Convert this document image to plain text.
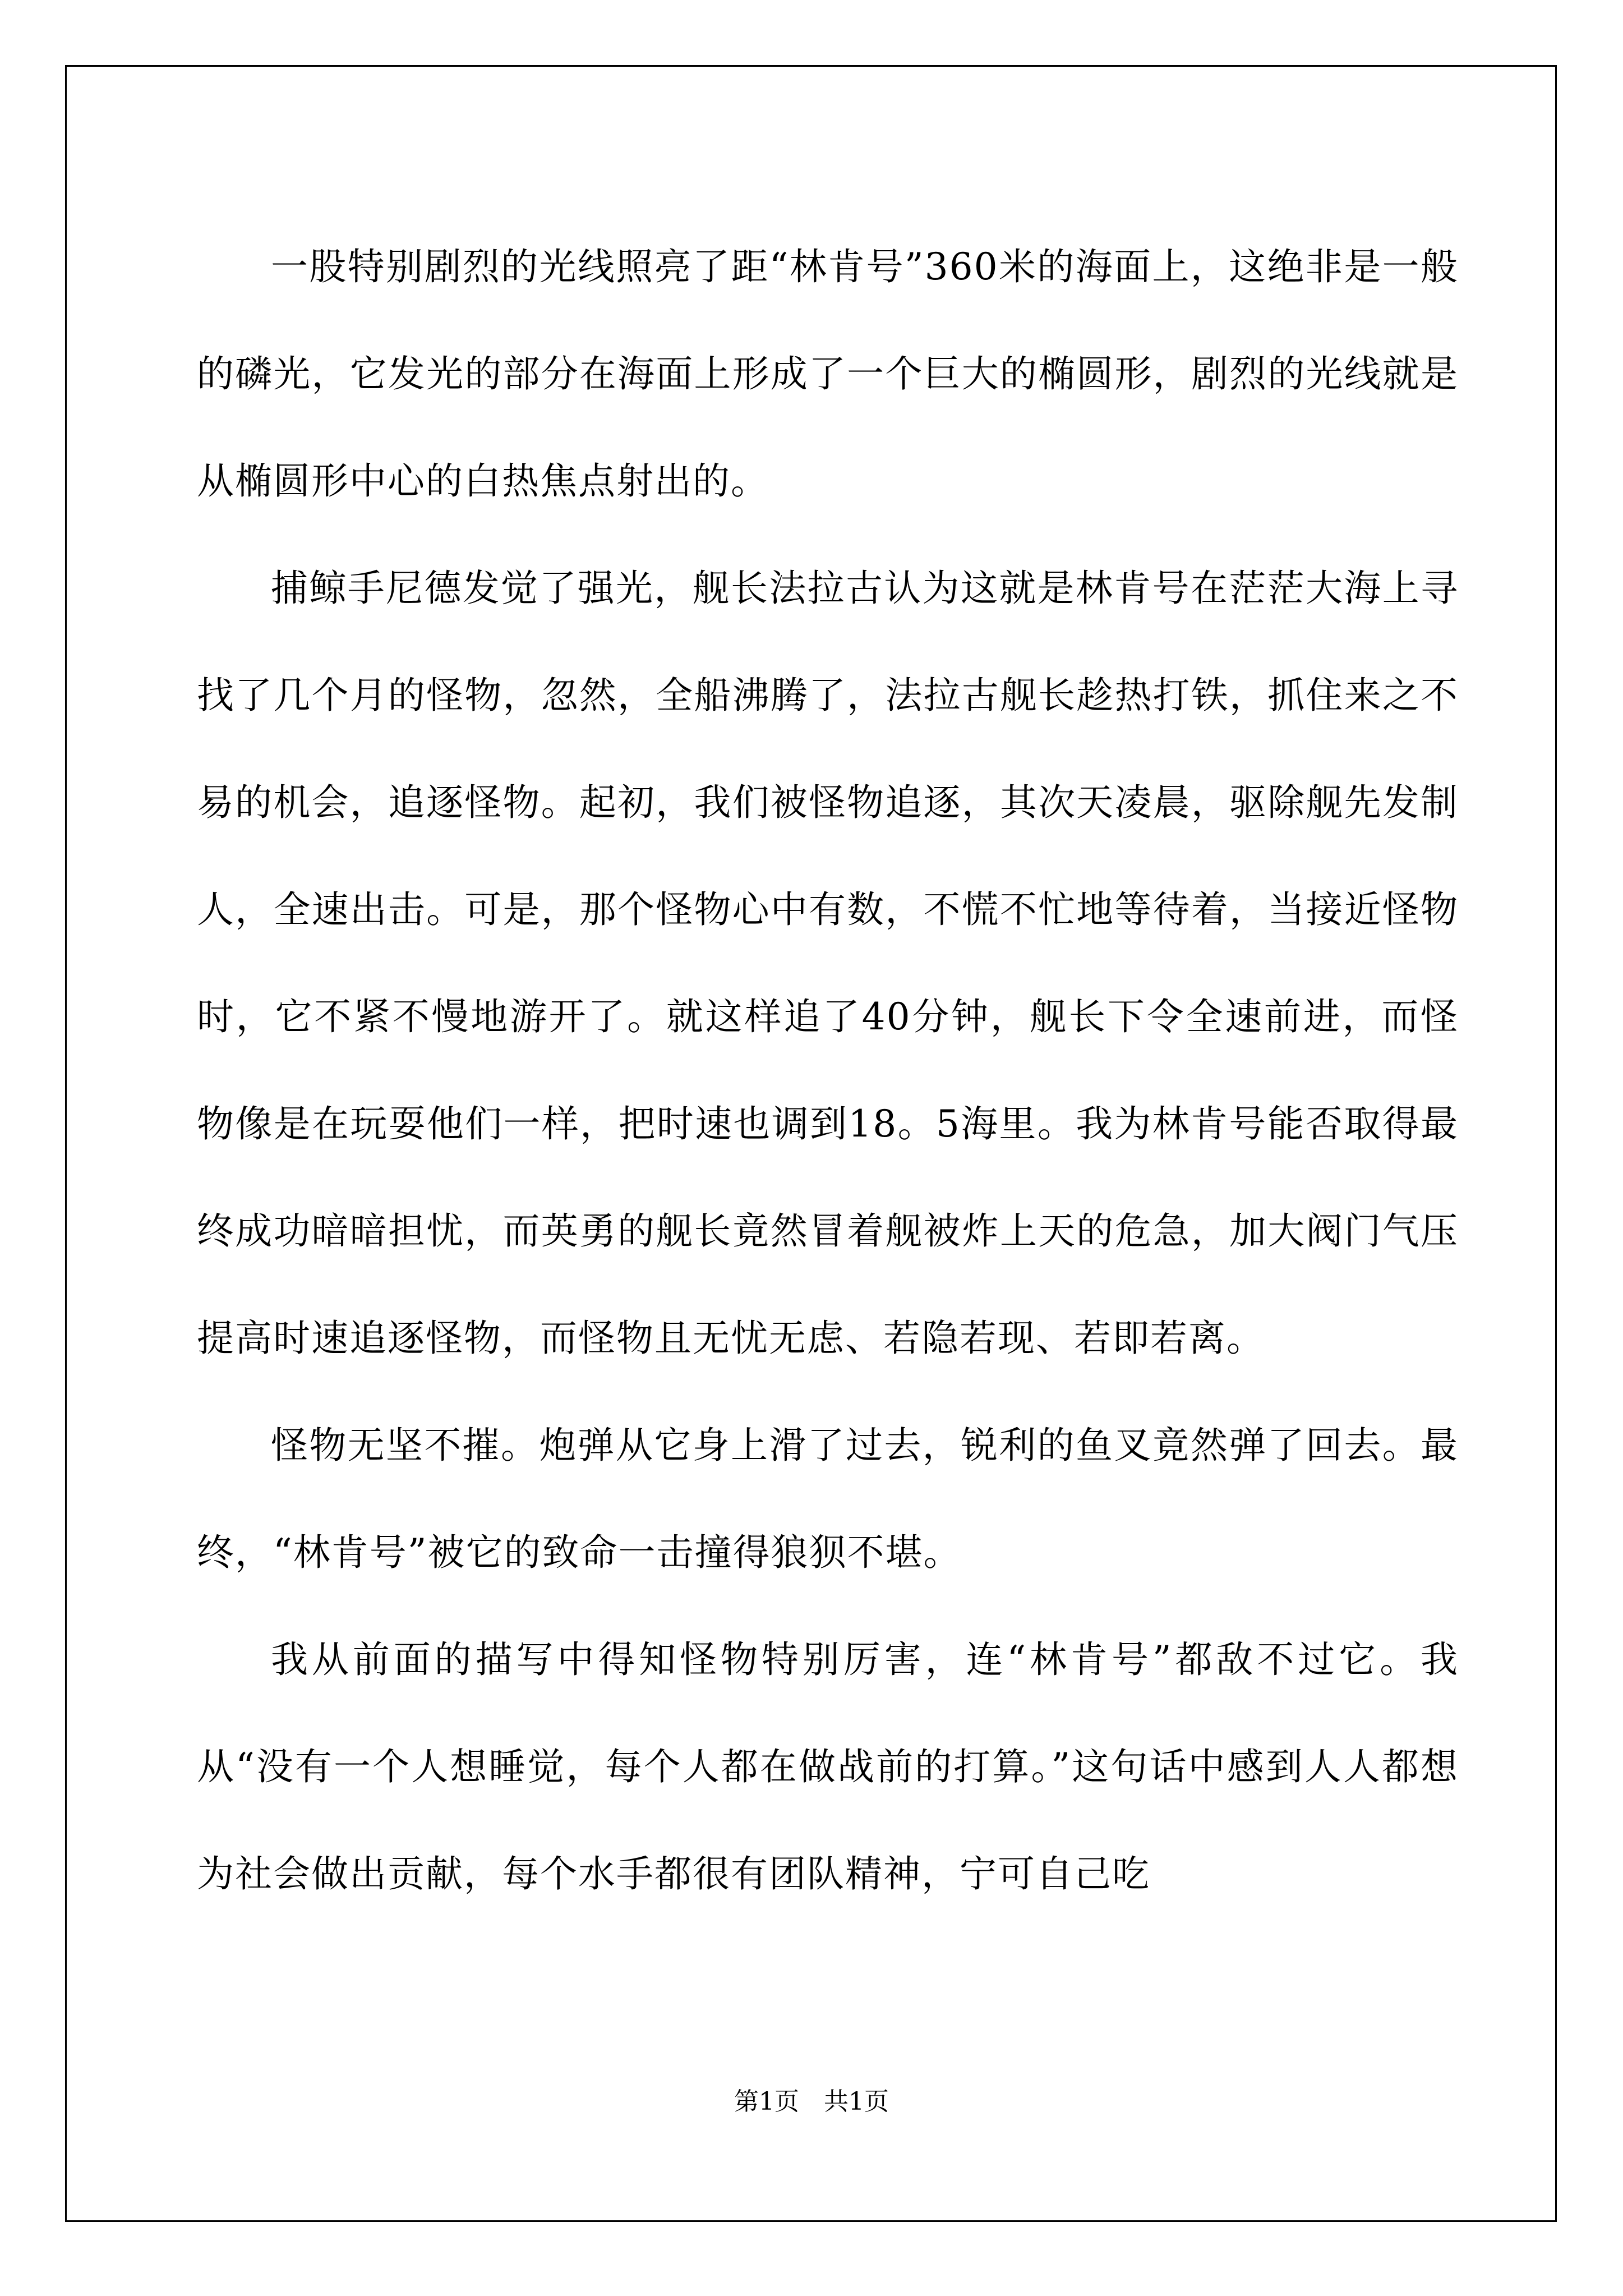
一股特别剧烈的光线照亮了距“林肯号”360米的海面上，这绝非是一般的磷光，它发光的部分在海面上形成了一个巨大的椭圆形，剧烈的光线就是从椭圆形中心的白热焦点射出的。

捕鲸手尼德发觉了强光，舰长法拉古认为这就是林肯号在茫茫大海上寻找了几个月的怪物，忽然，全船沸腾了，法拉古舰长趁热打铁，抓住来之不易的机会，追逐怪物。起初，我们被怪物追逐，其次天凌晨，驱除舰先发制人，全速出击。可是，那个怪物心中有数，不慌不忙地等待着，当接近怪物时，它不紧不慢地游开了。就这样追了40分钟，舰长下令全速前进，而怪物像是在玩耍他们一样，把时速也调到18。5海里。我为林肯号能否取得最终成功暗暗担忧，而英勇的舰长竟然冒着舰被炸上天的危急，加大阀门气压提高时速追逐怪物，而怪物且无忧无虑、若隐若现、若即若离。

怪物无坚不摧。炮弹从它身上滑了过去，锐利的鱼叉竟然弹了回去。最终，“林肯号”被它的致命一击撞得狼狈不堪。

我从前面的描写中得知怪物特别厉害，连“林肯号”都敌不过它。我从“没有一个人想睡觉，每个人都在做战前的打算。”这句话中感到人人都想为社会做出贡献，每个水手都很有团队精神，宁可自己吃

第1页　共1页
